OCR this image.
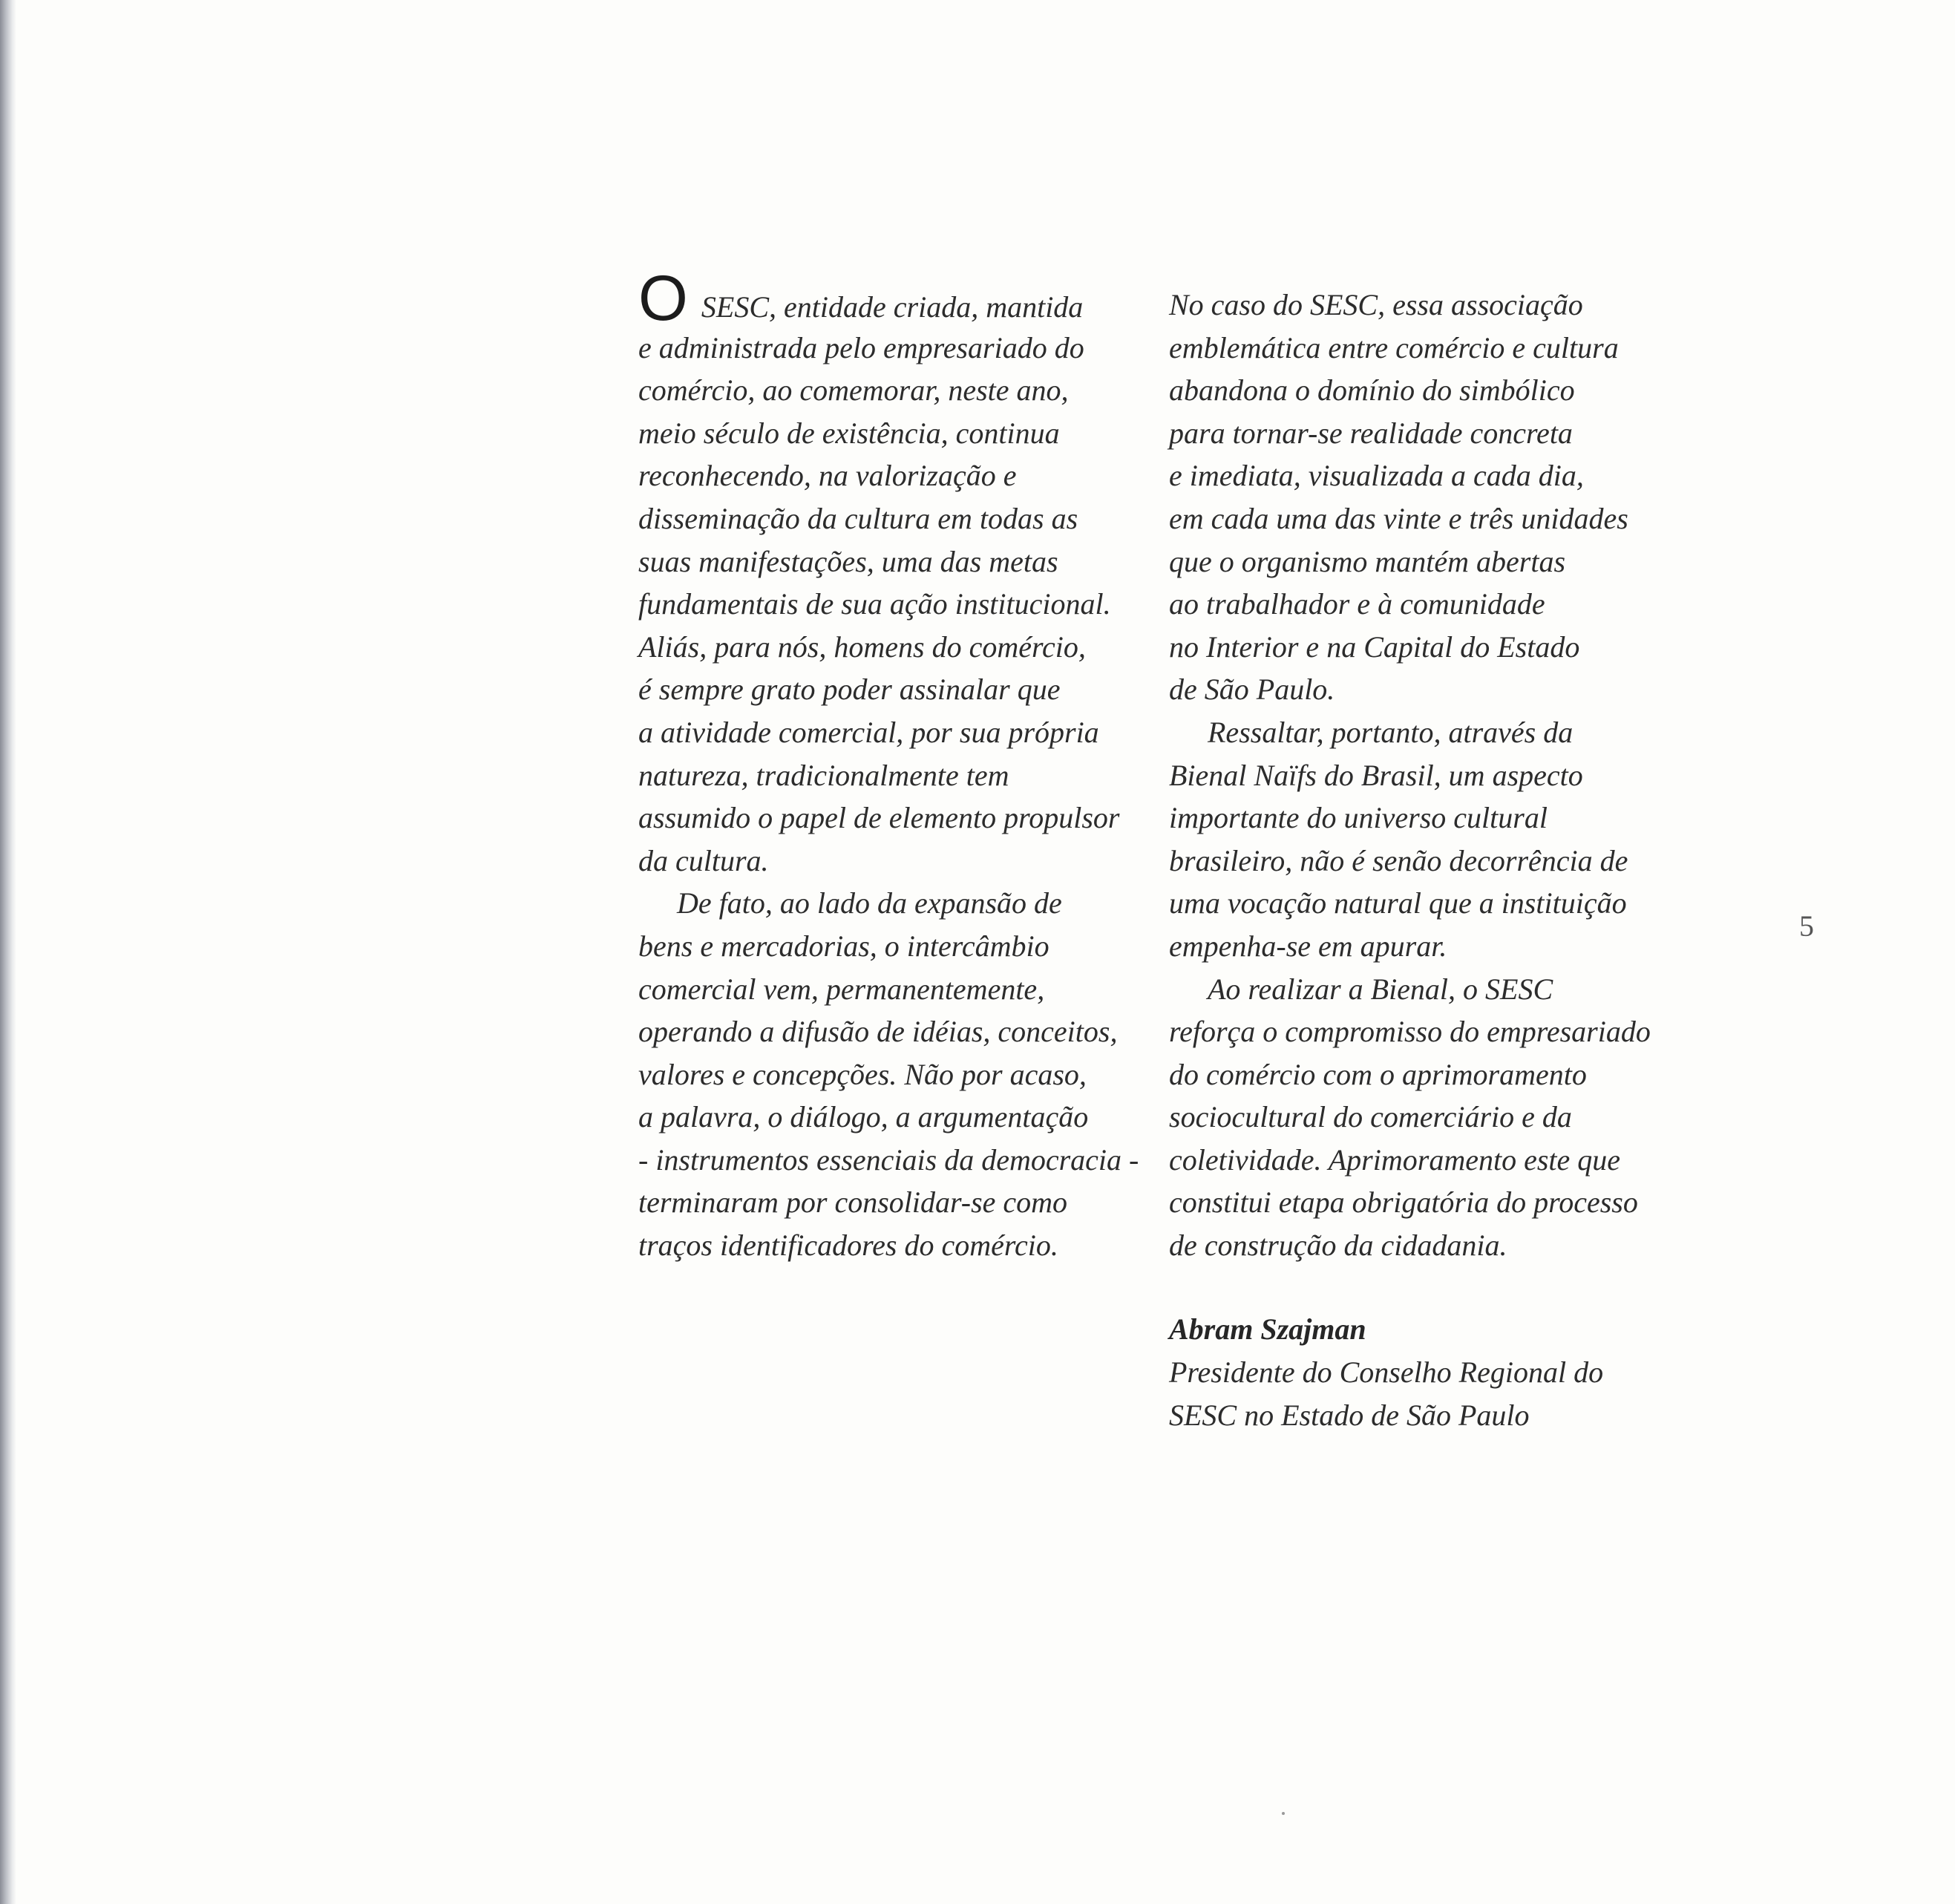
OSESC, entidade criada, mantida
e administrada pelo empresariado do
comércio, ao comemorar, neste ano,
meio século de existência, continua
reconhecendo, na valorização e
disseminação da cultura em todas as
suas manifestações, uma das metas
fundamentais de sua ação institucional.
Aliás, para nós, homens do comércio,
é sempre grato poder assinalar que
a atividade comercial, por sua própria
natureza, tradicionalmente tem
assumido o papel de elemento propulsor
da cultura.
De fato, ao lado da expansão de
bens e mercadorias, o intercâmbio
comercial vem, permanentemente,
operando a difusão de idéias, conceitos,
valores e concepções. Não por acaso,
a palavra, o diálogo, a argumentação
- instrumentos essenciais da democracia -
terminaram por consolidar-se como
traços identificadores do comércio.
No caso do SESC, essa associação
emblemática entre comércio e cultura
abandona o domínio do simbólico
para tornar-se realidade concreta
e imediata, visualizada a cada dia,
em cada uma das vinte e três unidades
que o organismo mantém abertas
ao trabalhador e à comunidade
no Interior e na Capital do Estado
de São Paulo.
Ressaltar, portanto, através da
Bienal Naïfs do Brasil, um aspecto
importante do universo cultural
brasileiro, não é senão decorrência de
uma vocação natural que a instituição
empenha-se em apurar.
Ao realizar a Bienal, o SESC
reforça o compromisso do empresariado
do comércio com o aprimoramento
sociocultural do comerciário e da
coletividade. Aprimoramento este que
constitui etapa obrigatória do processo
de construção da cidadania.
Abram Szajman
Presidente do Conselho Regional do
SESC no Estado de São Paulo
5
